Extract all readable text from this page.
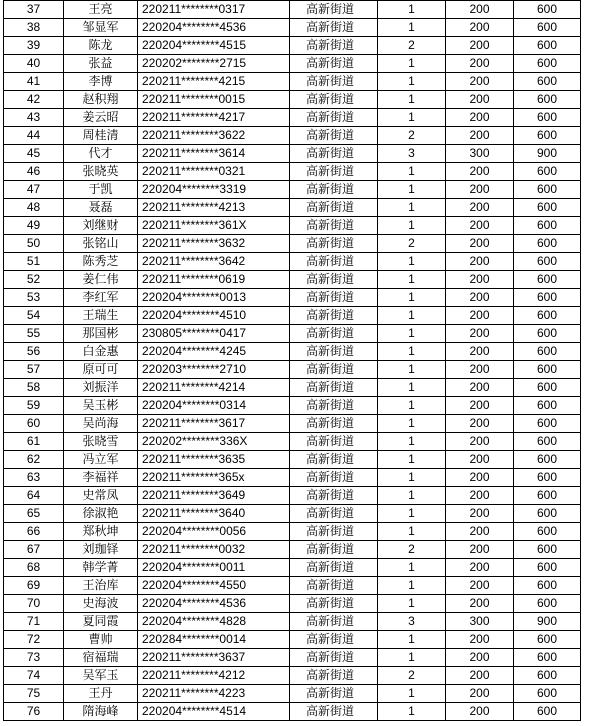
37	王亮	220211********0317	高新街道	1	200	600
38	邹显军	220204********4536	高新街道	1	200	600
39	陈龙	220204********4515	高新街道	2	200	600
40	张益	220202********2715	高新街道	1	200	600
41	李博	220211********4215	高新街道	1	200	600
42	赵积翔	220211********0015	高新街道	1	200	600
43	姜云昭	220211********4217	高新街道	1	200	600
44	周桂清	220211********3622	高新街道	2	200	600
45	代才	220211********3614	高新街道	3	300	900
46	张晓英	220211********0321	高新街道	1	200	600
47	于凯	220204********3319	高新街道	1	200	600
48	聂磊	220211********4213	高新街道	1	200	600
49	刘继财	220211********361X	高新街道	1	200	600
50	张铭山	220211********3632	高新街道	2	200	600
51	陈秀芝	220211********3642	高新街道	1	200	600
52	姜仁伟	220211********0619	高新街道	1	200	600
53	李红军	220204********0013	高新街道	1	200	600
54	王瑞生	220204********4510	高新街道	1	200	600
55	那国彬	230805********0417	高新街道	1	200	600
56	白金惠	220204********4245	高新街道	1	200	600
57	原可可	220203********2710	高新街道	1	200	600
58	刘振洋	220211********4214	高新街道	1	200	600
59	吴玉彬	220204********0314	高新街道	1	200	600
60	吴尚海	220211********3617	高新街道	1	200	600
61	张晓雪	220202********336X	高新街道	1	200	600
62	冯立军	220211********3635	高新街道	1	200	600
63	李福祥	220211********365x	高新街道	1	200	600
64	史常凤	220211********3649	高新街道	1	200	600
65	徐淑艳	220211********3640	高新街道	1	200	600
66	郑秋坤	220204********0056	高新街道	1	200	600
67	刘珈铎	220211********0032	高新街道	2	200	600
68	韩学菁	220204********0011	高新街道	1	200	600
69	王治库	220204********4550	高新街道	1	200	600
70	史海波	220204********4536	高新街道	1	200	600
71	夏同霞	220204********4828	高新街道	3	300	900
72	曹帅	220284********0014	高新街道	1	200	600
73	宿福瑞	220211********3637	高新街道	1	200	600
74	吴军玉	220211********4212	高新街道	2	200	600
75	王丹	220211********4223	高新街道	1	200	600
76	隋海峰	220204********4514	高新街道	1	200	600
